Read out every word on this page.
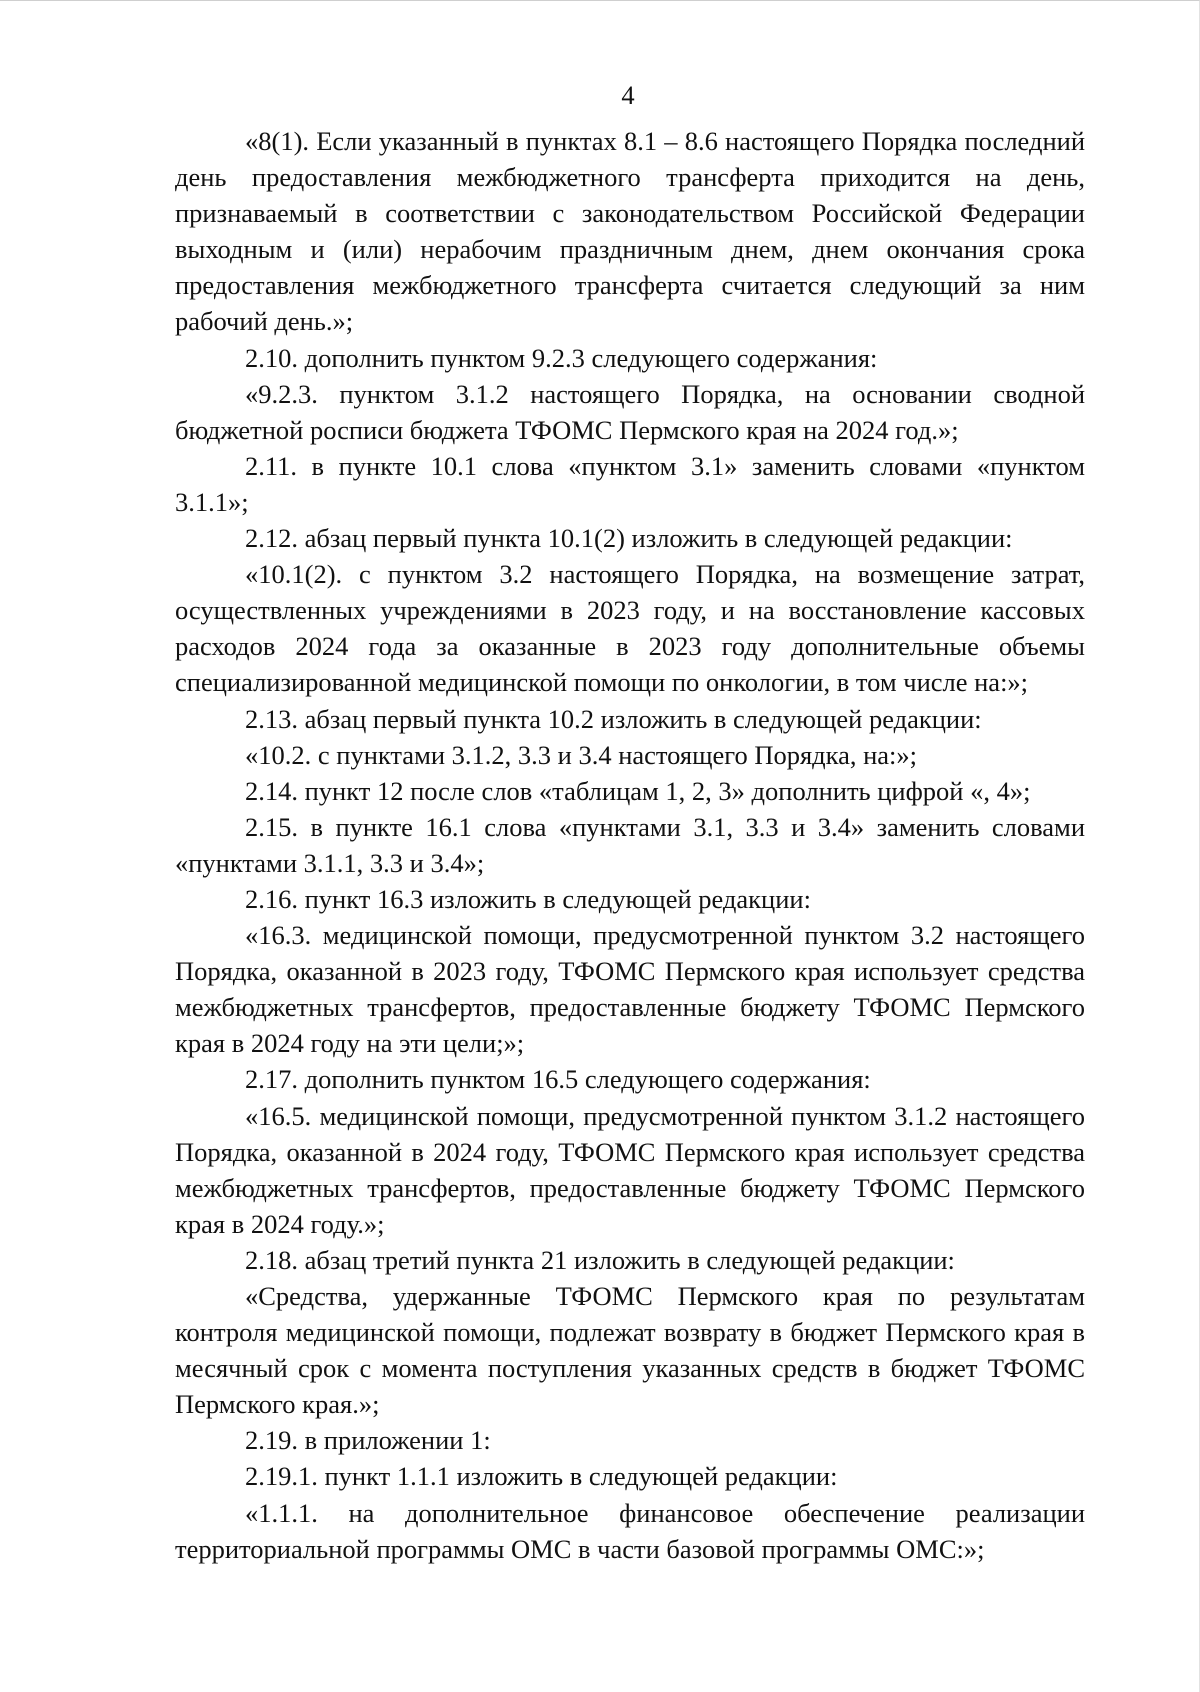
4

«8(1). Если указанный в пунктах 8.1 – 8.6 настоящего Порядка последний день предоставления межбюджетного трансферта приходится на день, признаваемый в соответствии с законодательством Российской Федерации выходным и (или) нерабочим праздничным днем, днем окончания срока предоставления межбюджетного трансферта считается следующий за ним рабочий день.»;

2.10. дополнить пунктом 9.2.3 следующего содержания:

«9.2.3. пунктом 3.1.2 настоящего Порядка, на основании сводной бюджетной росписи бюджета ТФОМС Пермского края на 2024 год.»;

2.11. в пункте 10.1 слова «пунктом 3.1» заменить словами «пунктом 3.1.1»;

2.12. абзац первый пункта 10.1(2) изложить в следующей редакции:

«10.1(2). с пунктом 3.2 настоящего Порядка, на возмещение затрат, осуществленных учреждениями в 2023 году, и на восстановление кассовых расходов 2024 года за оказанные в 2023 году дополнительные объемы специализированной медицинской помощи по онкологии, в том числе на:»;

2.13. абзац первый пункта 10.2 изложить в следующей редакции:

«10.2. с пунктами 3.1.2, 3.3 и 3.4 настоящего Порядка, на:»;

2.14. пункт 12 после слов «таблицам 1, 2, 3» дополнить цифрой «, 4»;

2.15. в пункте 16.1 слова «пунктами 3.1, 3.3 и 3.4» заменить словами «пунктами 3.1.1, 3.3 и 3.4»;

2.16. пункт 16.3 изложить в следующей редакции:

«16.3. медицинской помощи, предусмотренной пунктом 3.2 настоящего Порядка, оказанной в 2023 году, ТФОМС Пермского края использует средства межбюджетных трансфертов, предоставленные бюджету ТФОМС Пермского края в 2024 году на эти цели;»;

2.17. дополнить пунктом 16.5 следующего содержания:

«16.5. медицинской помощи, предусмотренной пунктом 3.1.2 настоящего Порядка, оказанной в 2024 году, ТФОМС Пермского края использует средства межбюджетных трансфертов, предоставленные бюджету ТФОМС Пермского края в 2024 году.»;

2.18. абзац третий пункта 21 изложить в следующей редакции:

«Средства, удержанные ТФОМС Пермского края по результатам контроля медицинской помощи, подлежат возврату в бюджет Пермского края в месячный срок с момента поступления указанных средств в бюджет ТФОМС Пермского края.»;

2.19. в приложении 1:

2.19.1. пункт 1.1.1 изложить в следующей редакции:

«1.1.1. на дополнительное финансовое обеспечение реализации территориальной программы ОМС в части базовой программы ОМС:»;
